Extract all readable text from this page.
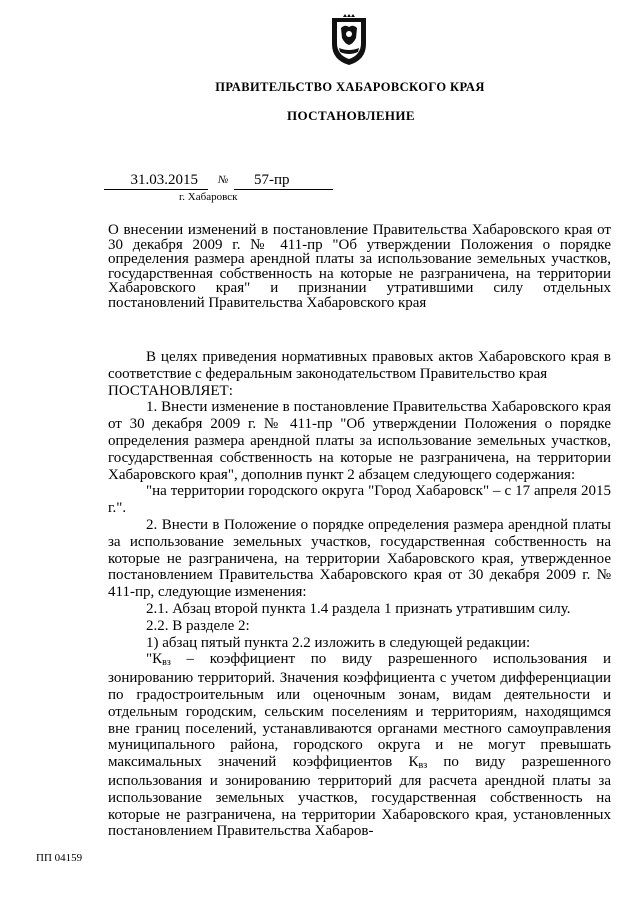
ПРАВИТЕЛЬСТВО ХАБАРОВСКОГО КРАЯ
ПОСТАНОВЛЕНИЕ
31.03.2015	№	57-пр
г. Хабаровск
О внесении изменений в постановление Правительства Хабаровского края от 30 декабря 2009 г. № 411-пр "Об утверждении Положения о порядке определения размера арендной платы за использование земельных участков, государственная собственность на которые не разграничена, на территории Хабаровского края" и признании утратившими силу отдельных постановлений Правительства Хабаровского края

В целях приведения нормативных правовых актов Хабаровского края в соответствие с федеральным законодательством Правительство края

ПОСТАНОВЛЯЕТ:

1. Внести изменение в постановление Правительства Хабаровского края от 30 декабря 2009 г. № 411-пр "Об утверждении Положения о порядке определения размера арендной платы за использование земельных участков, государственная собственность на которые не разграничена, на территории Хабаровского края", дополнив пункт 2 абзацем следующего содержания:

"на территории городского округа "Город Хабаровск" – с 17 апреля 2015 г.".

2. Внести в Положение о порядке определения размера арендной платы за использование земельных участков, государственная собственность на которые не разграничена, на территории Хабаровского края, утвержденное постановлением Правительства Хабаровского края от 30 декабря 2009 г. № 411-пр, следующие изменения:

2.1. Абзац второй пункта 1.4 раздела 1 признать утратившим силу.

2.2. В разделе 2:

1) абзац пятый пункта 2.2 изложить в следующей редакции:

"Квз – коэффициент по виду разрешенного использования и зонированию территорий. Значения коэффициента с учетом дифференциации по градостроительным или оценочным зонам, видам деятельности и отдельным городским, сельским поселениям и территориям, находящимся вне границ поселений, устанавливаются органами местного самоуправления муниципального района, городского округа и не могут превышать максимальных значений коэффициентов Квз по виду разрешенного использования и зонированию территорий для расчета арендной платы за использование земельных участков, государственная собственность на которые не разграничена, на территории Хабаровского края, установленных постановлением Правительства Хабаров-

ПП 04159
